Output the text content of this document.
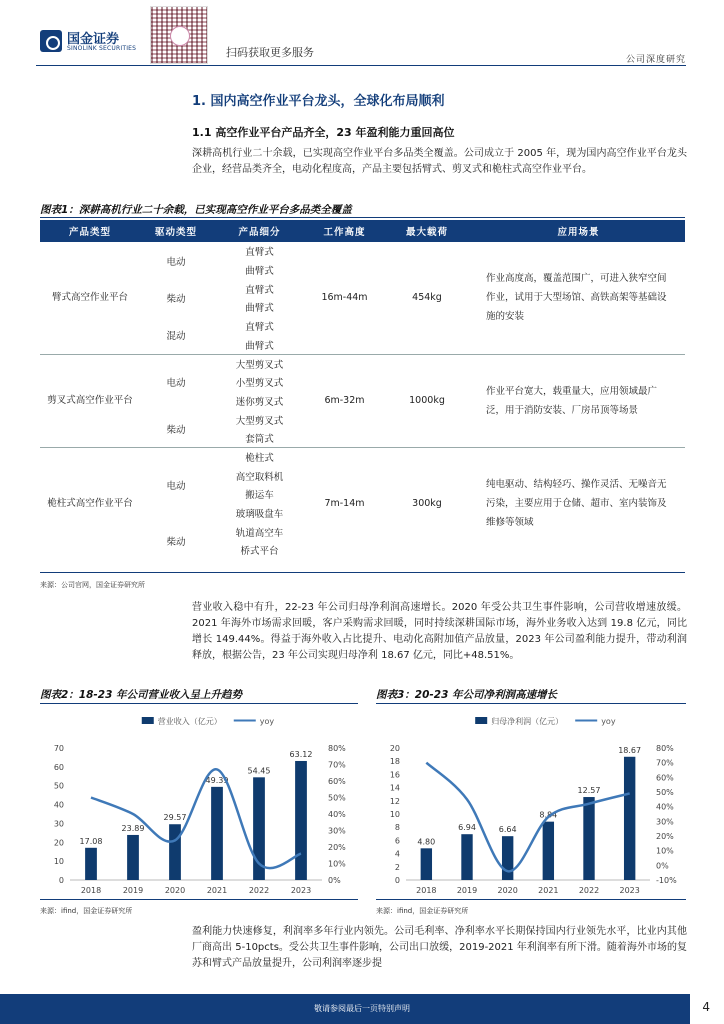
国金证券
SINOLINK SECURITIES	扫码获取更多服务
公司深度研究
1. 国内高空作业平台龙头，全球化布局顺利
1.1 高空作业平台产品齐全，23 年盈利能力重回高位
深耕高机行业二十余载，已实现高空作业平台多品类全覆盖。公司成立于 2005 年，现为国内高空作业平台龙头企业，经营品类齐全，电动化程度高，产品主要包括臂式、剪叉式和桅柱式高空作业平台。
图表1：深耕高机行业二十余载，已实现高空作业平台多品类全覆盖
产品类型	驱动类型	产品细分	工作高度	最大载荷	应用场景
臂式高空作业平台	电动	直臂式	16m-44m	454kg	作业高度高，覆盖范围广，可进入狭窄空间作业，试用于大型场馆、高铁高架等基础设施的安装
		曲臂式			
	柴动	直臂式			
		曲臂式			
	混动	直臂式			
		曲臂式			
剪叉式高空作业平台	电动	大型剪叉式	6m-32m	1000kg	作业平台宽大，载重量大，应用领域最广泛，用于消防安装、厂房吊顶等场景
		小型剪叉式			
		迷你剪叉式			
	柴动	大型剪叉式			
		套筒式			
桅柱式高空作业平台	电动	桅柱式	7m-14m	300kg	纯电驱动、结构轻巧、操作灵活、无噪音无污染，主要应用于仓储、超市、室内装饰及维修等领域
		高空取料机			
		搬运车			
		玻璃吸盘车			
	柴动	轨道高空车			
		桥式平台			
来源：公司官网，国金证券研究所
营业收入稳中有升，22-23 年公司归母净利润高速增长。2020 年受公共卫生事件影响，公司营收增速放缓。2021 年海外市场需求回暖，客户采购需求回暖，同时持续深耕国际市场，海外业务收入达到 19.8 亿元，同比增长 149.44%。得益于海外收入占比提升、电动化高附加值产品放量，2023 年公司盈利能力提升，带动利润释放，根据公告，23 年公司实现归母净利 18.67 亿元，同比+48.51%。
图表2：18-23 年公司营业收入呈上升趋势	图表3：20-23 年公司净利润高速增长
营业收入（亿元）	yoy
0
10
20
30
40
50
60
70
0%
10%
20%
30%
40%
50%
60%
70%
80%
17.08
2018
23.89
2019
29.57
2020
49.39
2021
54.45
2022
63.12
2023
归母净利润（亿元）	yoy
0
2
4
6
8
10
12
14
16
18
20
-10%
0%
10%
20%
30%
40%
50%
60%
70%
80%
4.80
2018
6.94
2019
6.64
2020
8.84
2021
12.57
2022
18.67
2023
来源：ifind，国金证券研究所	来源：ifind，国金证券研究所
盈利能力快速修复，利润率多年行业内领先。公司毛利率、净利率水平长期保持国内行业领先水平，比业内其他厂商高出 5-10pcts。受公共卫生事件影响，公司出口放缓，2019-2021 年利润率有所下滑。随着海外市场的复苏和臂式产品放量提升，公司利润率逐步提
敬请参阅最后一页特别声明	4
